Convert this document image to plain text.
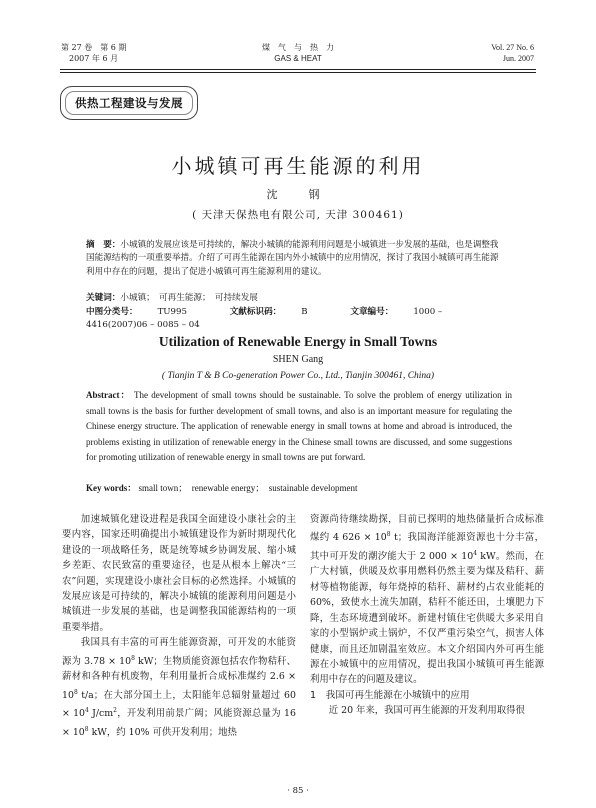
第 27 卷　第 6 期
2007 年 6 月
煤　气　与　热　力
GAS & HEAT
Vol. 27 No. 6
Jun. 2007
供热工程建设与发展
小城镇可再生能源的利用
沈　钢
( 天津天保热电有限公司, 天津 300461)
摘　要：小城镇的发展应该是可持续的，解决小城镇的能源利用问题是小城镇进一步发展的基础，也是调整我国能源结构的一项重要举措。介绍了可再生能源在国内外小城镇中的应用情况，探讨了我国小城镇可再生能源利用中存在的问题，提出了促进小城镇可再生能源利用的建议。
关键词：小城镇；　可再生能源；　可持续发展
中图分类号： TU995	文献标识码： B	文章编号： 1000 – 4416(2007)06 – 0085 – 04
Utilization of Renewable Energy in Small Towns
SHEN Gang
( Tianjin T & B Co-generation Power Co., Ltd., Tianjin 300461, China)
Abstract： The development of small towns should be sustainable. To solve the problem of energy utilization in small towns is the basis for further development of small towns, and also is an important measure for regulating the Chinese energy structure. The application of renewable energy in small towns at home and abroad is introduced, the problems existing in utilization of renewable energy in the Chinese small towns are discussed, and some suggestions for promoting utilization of renewable energy in small towns are put forward.
Key words： small town；　renewable energy；　sustainable development

加速城镇化建设进程是我国全面建设小康社会的主要内容，国家还明确提出小城镇建设作为新时期现代化建设的一项战略任务，既是统筹城乡协调发展、缩小城乡差距、农民致富的重要途径，也是从根本上解决“三农”问题，实现建设小康社会目标的必然选择。小城镇的发展应该是可持续的，解决小城镇的能源利用问题是小城镇进一步发展的基础，也是调整我国能源结构的一项重要举措。

我国具有丰富的可再生能源资源，可开发的水能资源为 $3.78 \times 10^8$ kW；生物质能资源包括农作物秸秆、薪材和各种有机废物，年利用量折合成标准煤约 $2.6 \times 10^8$ t/a；在大部分国土上，太阳能年总辐射量超过 $60 \times 10^4$ $J/cm^2$，开发利用前景广阔；风能资源总量为 $16 \times 10^8$ kW，约 10% 可供开发利用；地热

资源尚待继续勘探，目前已探明的地热储量折合成标准煤约 4 $626 \times 10^8$ t；我国海洋能源资源也十分丰富，其中可开发的潮汐能大于 2 $000 \times 10^4$ kW。然而，在广大村镇，供暖及炊事用燃料仍然主要为煤及秸秆、薪材等植物能源，每年烧掉的秸秆、薪材约占农业能耗的 60%，致使水土流失加剧，秸秆不能还田，土壤肥力下降，生态环境遭到破坏。新建村镇住宅供暖大多采用自家的小型锅炉或土锅炉，不仅严重污染空气，损害人体健康，而且还加剧温室效应。本文介绍国内外可再生能源在小城镇中的应用情况，提出我国小城镇可再生能源利用中存在的问题及建议。

1　我国可再生能源在小城镇中的应用

近 20 年来，我国可再生能源的开发利用取得很

· 85 ·
